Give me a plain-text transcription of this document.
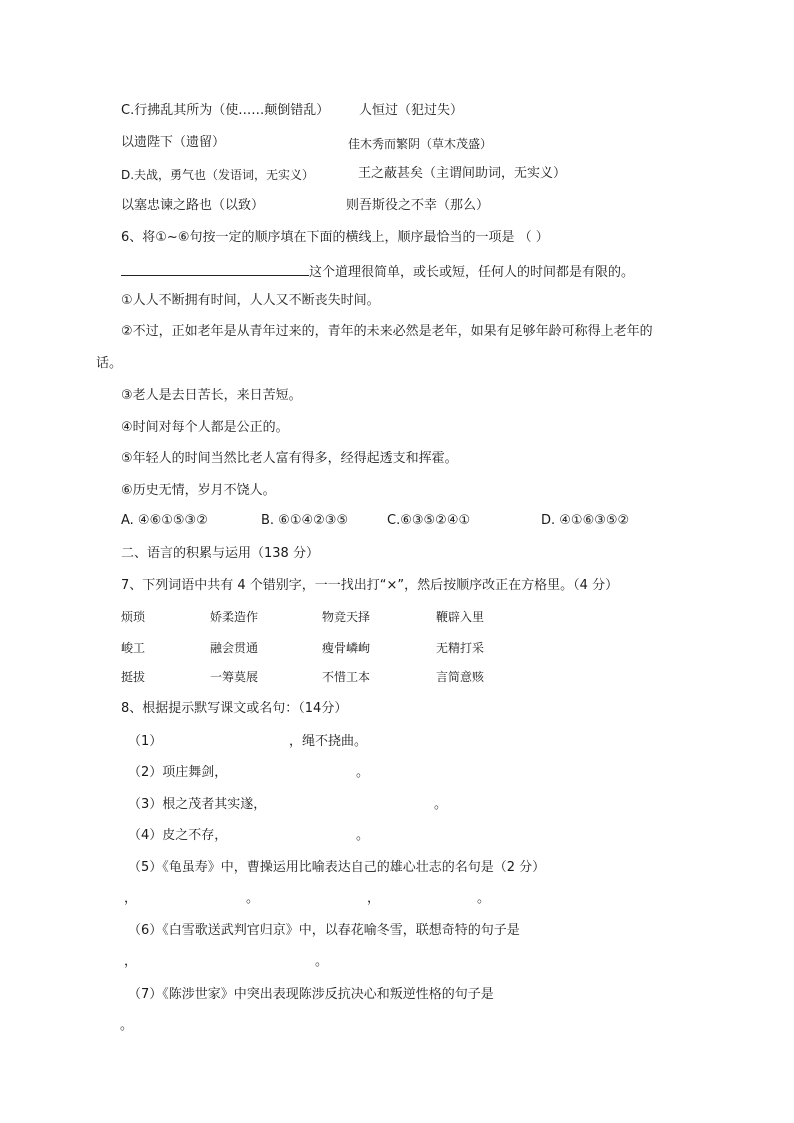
C.行拂乱其所为（使……颠倒错乱） 人恒过（犯过失）
以遗陛下（遗留）	佳木秀而繁阴（草木茂盛）
D.夫战，勇气也（发语词，无实义）	王之蔽甚矣（主谓间助词，无实义）
以塞忠谏之路也（以致）	则吾斯役之不幸（那么）
6、将①~⑥句按一定的顺序填在下面的横线上，顺序最恰当的一项是 （ ）
这个道理很简单，或长或短，任何人的时间都是有限的。
①人人不断拥有时间，人人又不断丧失时间。
②不过，正如老年是从青年过来的，青年的未来必然是老年，如果有足够年龄可称得上老年的
话。
③老人是去日苦长，来日苦短。
④时间对每个人都是公正的。
⑤年轻人的时间当然比老人富有得多，经得起透支和挥霍。
⑥历史无情，岁月不饶人。
A. ④⑥①⑤③②	B. ⑥①④②③⑤	C.⑥③⑤②④①	D. ④①⑥③⑤②
二、语言的积累与运用（138 分）
7、下列词语中共有 4 个错别字，一一找出打“×”，然后按顺序改正在方格里。（4 分）
烦琐	娇柔造作	物竞天择	鞭辟入里
峻工	融会贯通	瘦骨嶙峋	无精打采
挺拔	一筹莫展	不惜工本	言简意赅
8、根据提示默写课文或名句：（14分）
（1）	，绳不挠曲。
（2）项庄舞剑，	。
（3）根之茂者其实遂，	。
（4）皮之不存，	。
（5）《龟虽寿》中，曹操运用比喻表达自己的雄心壮志的名句是（2 分）
，	。	，	。
（6）《白雪歌送武判官归京》中，以春花喻冬雪，联想奇特的句子是
，	。
（7）《陈涉世家》中突出表现陈涉反抗决心和叛逆性格的句子是
。
